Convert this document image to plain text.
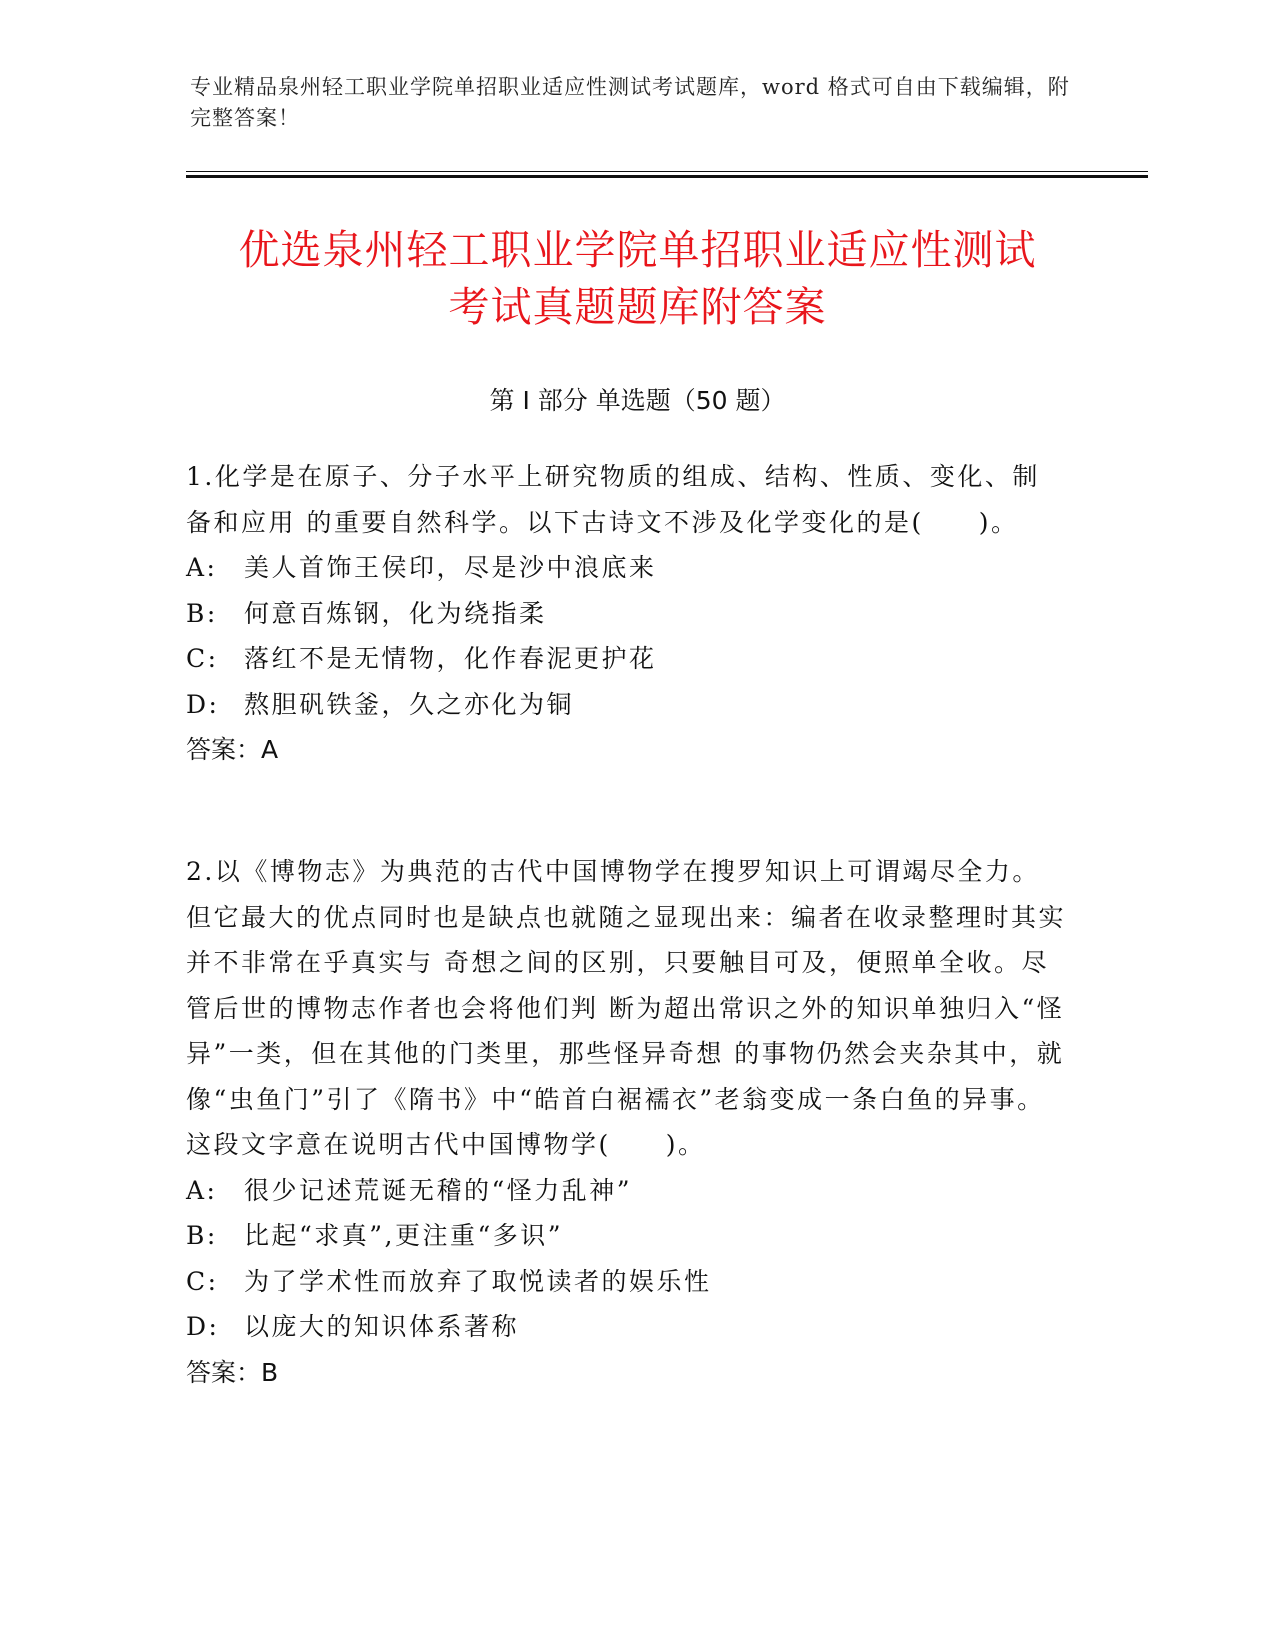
专业精品泉州轻工职业学院单招职业适应性测试考试题库，word 格式可自由下载编辑，附完整答案！
优选泉州轻工职业学院单招职业适应性测试
考试真题题库附答案
第 I 部分 单选题（50 题）

1.化学是在原子、分子水平上研究物质的组成、结构、性质、变化、制备和应用 的重要自然科学。以下古诗文不涉及化学变化的是(　　)。

A:	美人首饰王侯印，尽是沙中浪底来
B:	何意百炼钢，化为绕指柔
C:	落红不是无情物，化作春泥更护花
D: 熬胆矾铁釜，久之亦化为铜

答案：A

2.以《博物志》为典范的古代中国博物学在搜罗知识上可谓竭尽全力。但它最大的优点同时也是缺点也就随之显现出来：编者在收录整理时其实并不非常在乎真实与 奇想之间的区别，只要触目可及，便照单全收。尽管后世的博物志作者也会将他们判 断为超出常识之外的知识单独归入“怪异”一类，但在其他的门类里，那些怪异奇想 的事物仍然会夹杂其中，就像“虫鱼门”引了《隋书》中“皓首白裾襦衣”老翁变成一条白鱼的异事。这段文字意在说明古代中国博物学(　　)。

A:	很少记述荒诞无稽的“怪力乱神”
B:	比起“求真”,更注重“多识”
C:	为了学术性而放弃了取悦读者的娱乐性
D: 以庞大的知识体系著称

答案：B
